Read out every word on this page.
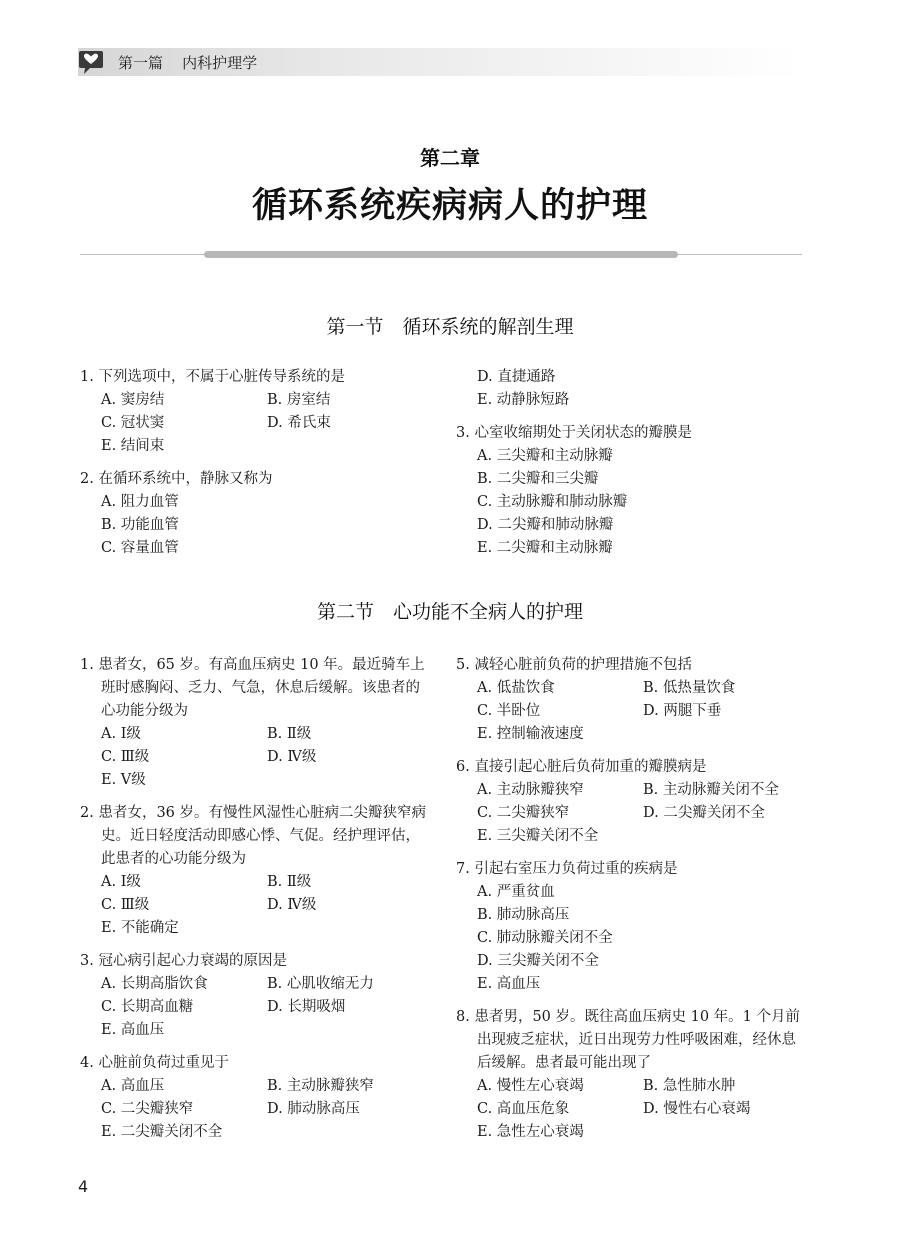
第一篇 内科护理学
第二章
循环系统疾病病人的护理
第一节　循环系统的解剖生理
1. 下列选项中，不属于心脏传导系统的是
A. 窦房结	B. 房室结
C. 冠状窦	D. 希氏束
E. 结间束
2. 在循环系统中，静脉又称为
A. 阻力血管
B. 功能血管
C. 容量血管
D. 直捷通路
E. 动静脉短路
3. 心室收缩期处于关闭状态的瓣膜是
A. 三尖瓣和主动脉瓣
B. 二尖瓣和三尖瓣
C. 主动脉瓣和肺动脉瓣
D. 二尖瓣和肺动脉瓣
E. 二尖瓣和主动脉瓣
第二节　心功能不全病人的护理
1. 患者女，65 岁。有高血压病史 10 年。最近骑车上班时感胸闷、乏力、气急，休息后缓解。该患者的心功能分级为
A. Ⅰ级	B. Ⅱ级
C. Ⅲ级	D. Ⅳ级
E. Ⅴ级
2. 患者女，36 岁。有慢性风湿性心脏病二尖瓣狭窄病史。近日轻度活动即感心悸、气促。经护理评估，此患者的心功能分级为
A. Ⅰ级	B. Ⅱ级
C. Ⅲ级	D. Ⅳ级
E. 不能确定
3. 冠心病引起心力衰竭的原因是
A. 长期高脂饮食	B. 心肌收缩无力
C. 长期高血糖	D. 长期吸烟
E. 高血压
4. 心脏前负荷过重见于
A. 高血压	B. 主动脉瓣狭窄
C. 二尖瓣狭窄	D. 肺动脉高压
E. 二尖瓣关闭不全
5. 减轻心脏前负荷的护理措施不包括
A. 低盐饮食	B. 低热量饮食
C. 半卧位	D. 两腿下垂
E. 控制输液速度
6. 直接引起心脏后负荷加重的瓣膜病是
A. 主动脉瓣狭窄	B. 主动脉瓣关闭不全
C. 二尖瓣狭窄	D. 二尖瓣关闭不全
E. 三尖瓣关闭不全
7. 引起右室压力负荷过重的疾病是
A. 严重贫血
B. 肺动脉高压
C. 肺动脉瓣关闭不全
D. 三尖瓣关闭不全
E. 高血压
8. 患者男，50 岁。既往高血压病史 10 年。1 个月前出现疲乏症状，近日出现劳力性呼吸困难，经休息后缓解。患者最可能出现了
A. 慢性左心衰竭	B. 急性肺水肿
C. 高血压危象	D. 慢性右心衰竭
E. 急性左心衰竭
4
